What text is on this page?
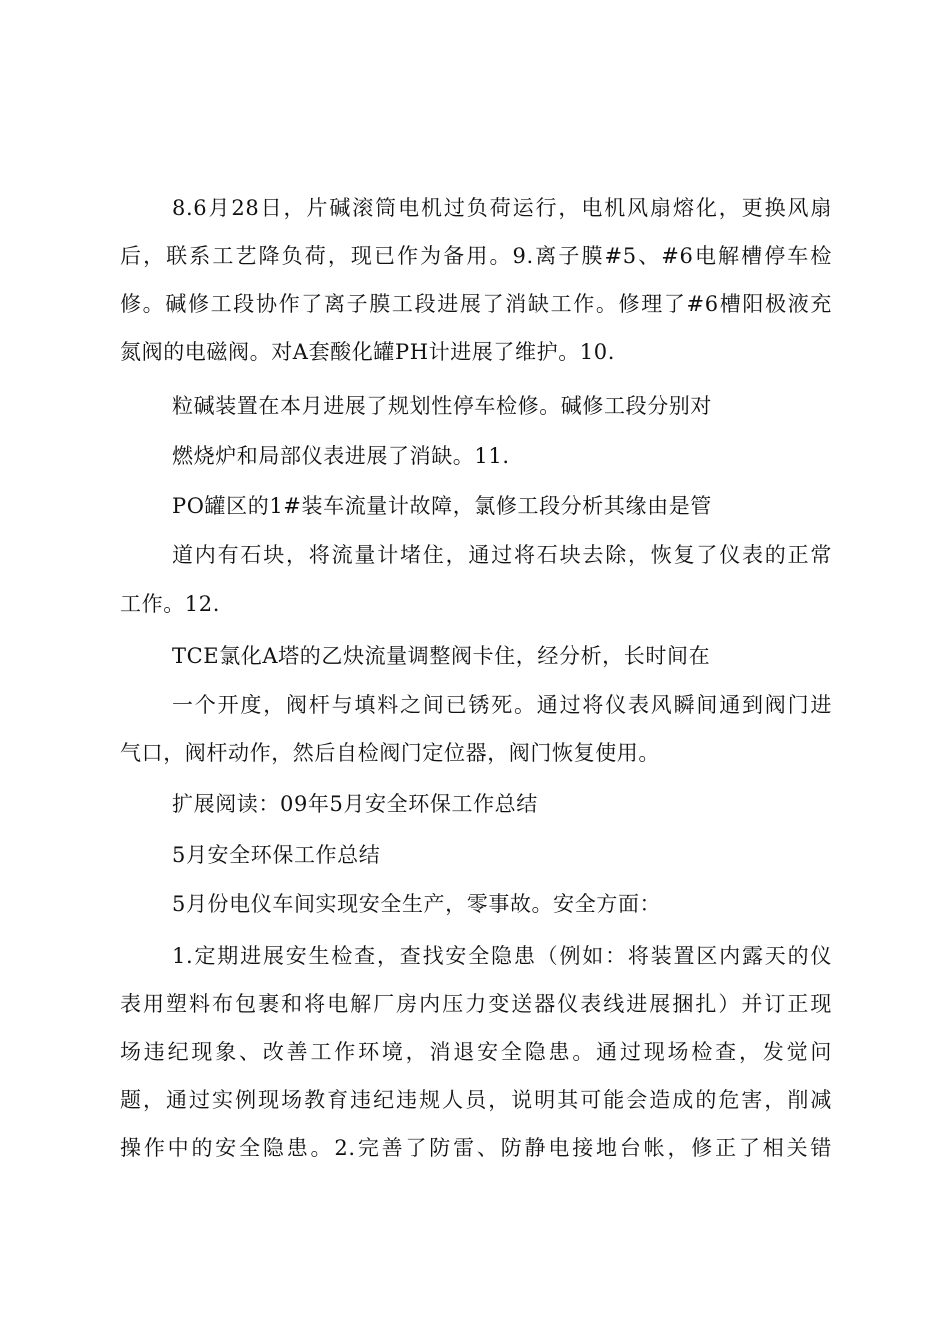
8.6月28日，片碱滚筒电机过负荷运行，电机风扇熔化，更换风扇
后，联系工艺降负荷，现已作为备用。9.离子膜#5、#6电解槽停车检
修。碱修工段协作了离子膜工段进展了消缺工作。修理了#6槽阳极液充
氮阀的电磁阀。对A套酸化罐PH计进展了维护。10.
粒碱装置在本月进展了规划性停车检修。碱修工段分别对
燃烧炉和局部仪表进展了消缺。11.
PO罐区的1#装车流量计故障，氯修工段分析其缘由是管
道内有石块，将流量计堵住，通过将石块去除，恢复了仪表的正常
工作。12.
TCE氯化A塔的乙炔流量调整阀卡住，经分析，长时间在
一个开度，阀杆与填料之间已锈死。通过将仪表风瞬间通到阀门进
气口，阀杆动作，然后自检阀门定位器，阀门恢复使用。
扩展阅读：09年5月安全环保工作总结
5月安全环保工作总结
5月份电仪车间实现安全生产，零事故。安全方面：
1.定期进展安生检查，查找安全隐患（例如：将装置区内露天的仪
表用塑料布包裹和将电解厂房内压力变送器仪表线进展捆扎）并订正现
场违纪现象、改善工作环境，消退安全隐患。通过现场检查，发觉问
题，通过实例现场教育违纪违规人员，说明其可能会造成的危害，削减
操作中的安全隐患。2.完善了防雷、防静电接地台帐，修正了相关错
